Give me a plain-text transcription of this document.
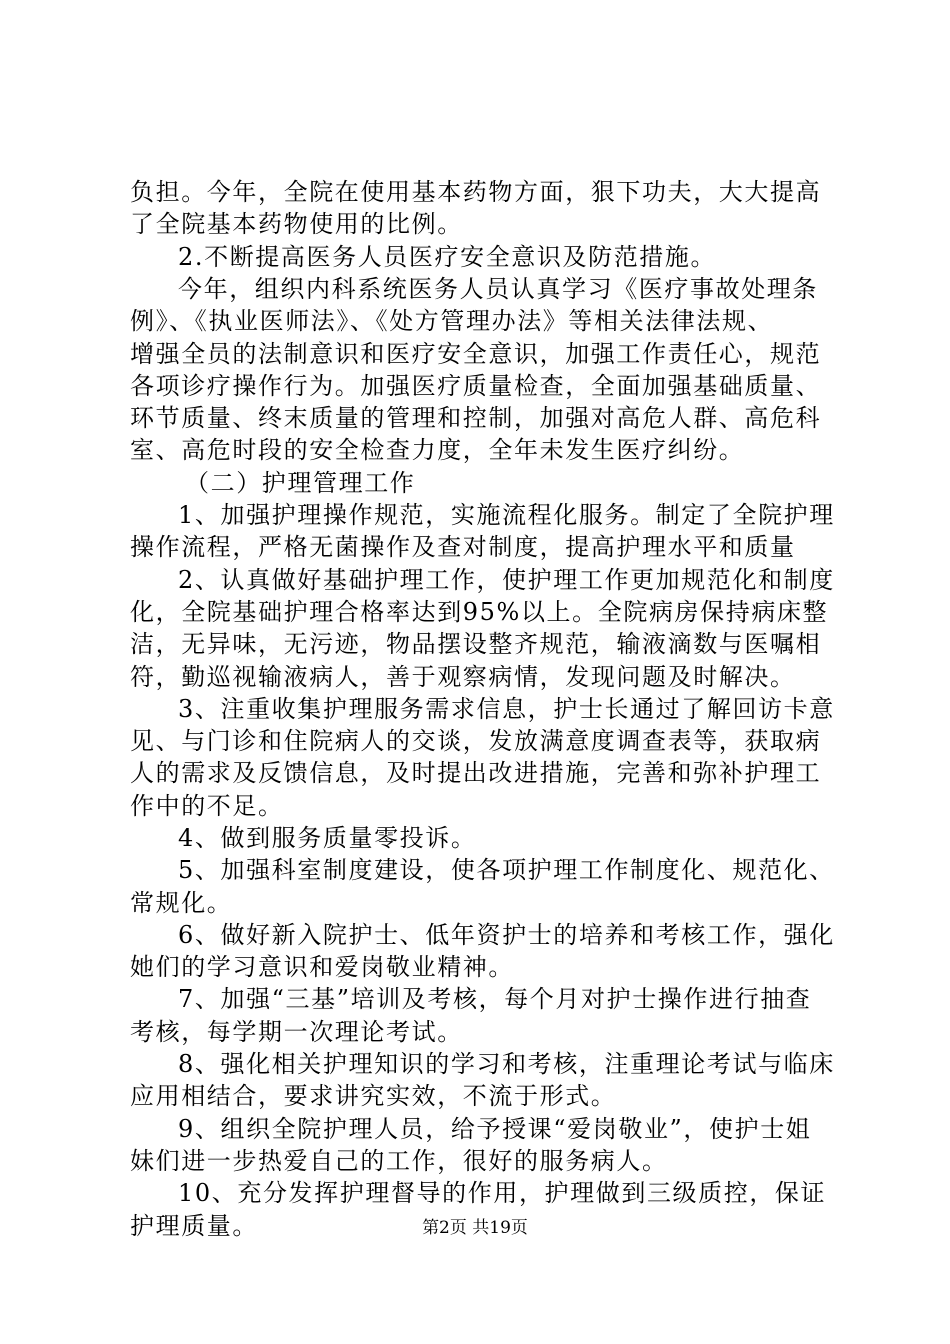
负担。今年，全院在使用基本药物方面，狠下功夫，大大提高
了全院基本药物使用的比例。
2.不断提高医务人员医疗安全意识及防范措施。
今年，组织内科系统医务人员认真学习《医疗事故处理条
例》、《执业医师法》、《处方管理办法》等相关法律法规、
增强全员的法制意识和医疗安全意识，加强工作责任心，规范
各项诊疗操作行为。加强医疗质量检查，全面加强基础质量、
环节质量、终末质量的管理和控制，加强对高危人群、高危科
室、高危时段的安全检查力度，全年未发生医疗纠纷。
（二）护理管理工作
1、加强护理操作规范，实施流程化服务。制定了全院护理
操作流程，严格无菌操作及查对制度，提高护理水平和质量
2、认真做好基础护理工作，使护理工作更加规范化和制度
化，全院基础护理合格率达到95%以上。全院病房保持病床整
洁，无异味，无污迹，物品摆设整齐规范，输液滴数与医嘱相
符，勤巡视输液病人，善于观察病情，发现问题及时解决。
3、注重收集护理服务需求信息，护士长通过了解回访卡意
见、与门诊和住院病人的交谈，发放满意度调查表等，获取病
人的需求及反馈信息，及时提出改进措施，完善和弥补护理工
作中的不足。
4、做到服务质量零投诉。
5、加强科室制度建设，使各项护理工作制度化、规范化、
常规化。
6、做好新入院护士、低年资护士的培养和考核工作，强化
她们的学习意识和爱岗敬业精神。
7、加强“三基”培训及考核，每个月对护士操作进行抽查
考核，每学期一次理论考试。
8、强化相关护理知识的学习和考核，注重理论考试与临床
应用相结合，要求讲究实效，不流于形式。
9、组织全院护理人员，给予授课“爱岗敬业”，使护士姐
妹们进一步热爱自己的工作，很好的服务病人。
10、充分发挥护理督导的作用，护理做到三级质控，保证
护理质量。	第2页 共19页
